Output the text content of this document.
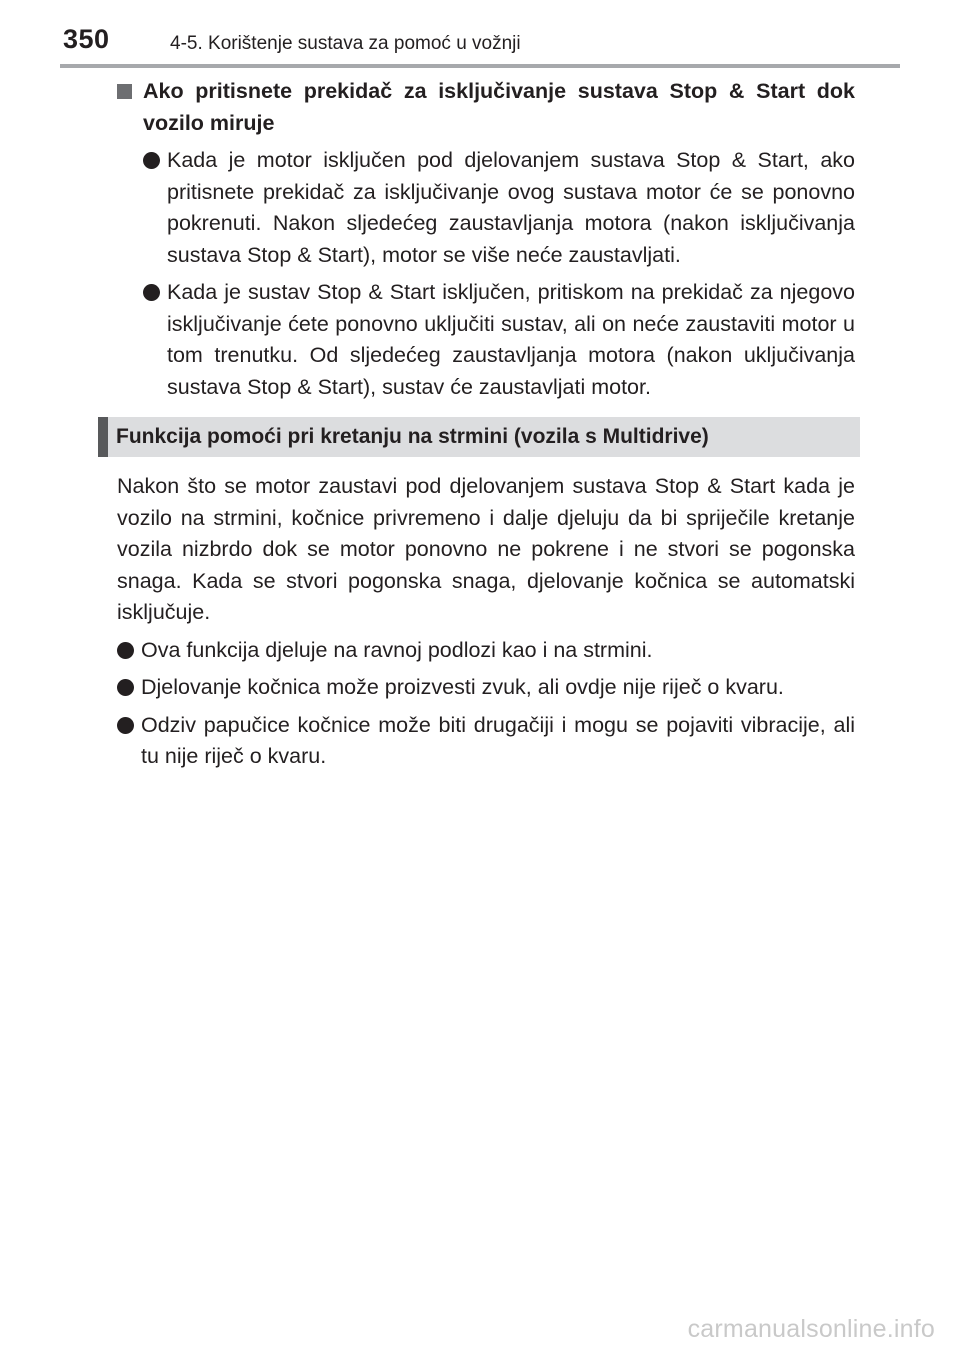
350	4-5. Korištenje sustava za pomoć u vožnji

Ako pritisnete prekidač za isključivanje sustava Stop & Start dok vozilo miruje

Kada je motor isključen pod djelovanjem sustava Stop & Start, ako pritisnete prekidač za isključivanje ovog sustava motor će se ponovno pokrenuti. Nakon sljedećeg zaustavljanja motora (nakon isključivanja sustava Stop & Start), motor se više neće zaustavljati.

Kada je sustav Stop & Start isključen, pritiskom na prekidač za njegovo isključivanje ćete ponovno uključiti sustav, ali on neće zaustaviti motor u tom trenutku. Od sljedećeg zaustavljanja motora (nakon uključivanja sustava Stop & Start), sustav će zaustavljati motor.

Funkcija pomoći pri kretanju na strmini (vozila s Multidrive)

Nakon što se motor zaustavi pod djelovanjem sustava Stop & Start kada je vozilo na strmini, kočnice privremeno i dalje djeluju da bi spriječile kretanje vozila nizbrdo dok se motor ponovno ne pokrene i ne stvori se pogonska snaga. Kada se stvori pogonska snaga, djelovanje kočnica se automatski isključuje.

Ova funkcija djeluje na ravnoj podlozi kao i na strmini.

Djelovanje kočnica može proizvesti zvuk, ali ovdje nije riječ o kvaru.

Odziv papučice kočnice može biti drugačiji i mogu se pojaviti vibracije, ali tu nije riječ o kvaru.

carmanualsonline.info
